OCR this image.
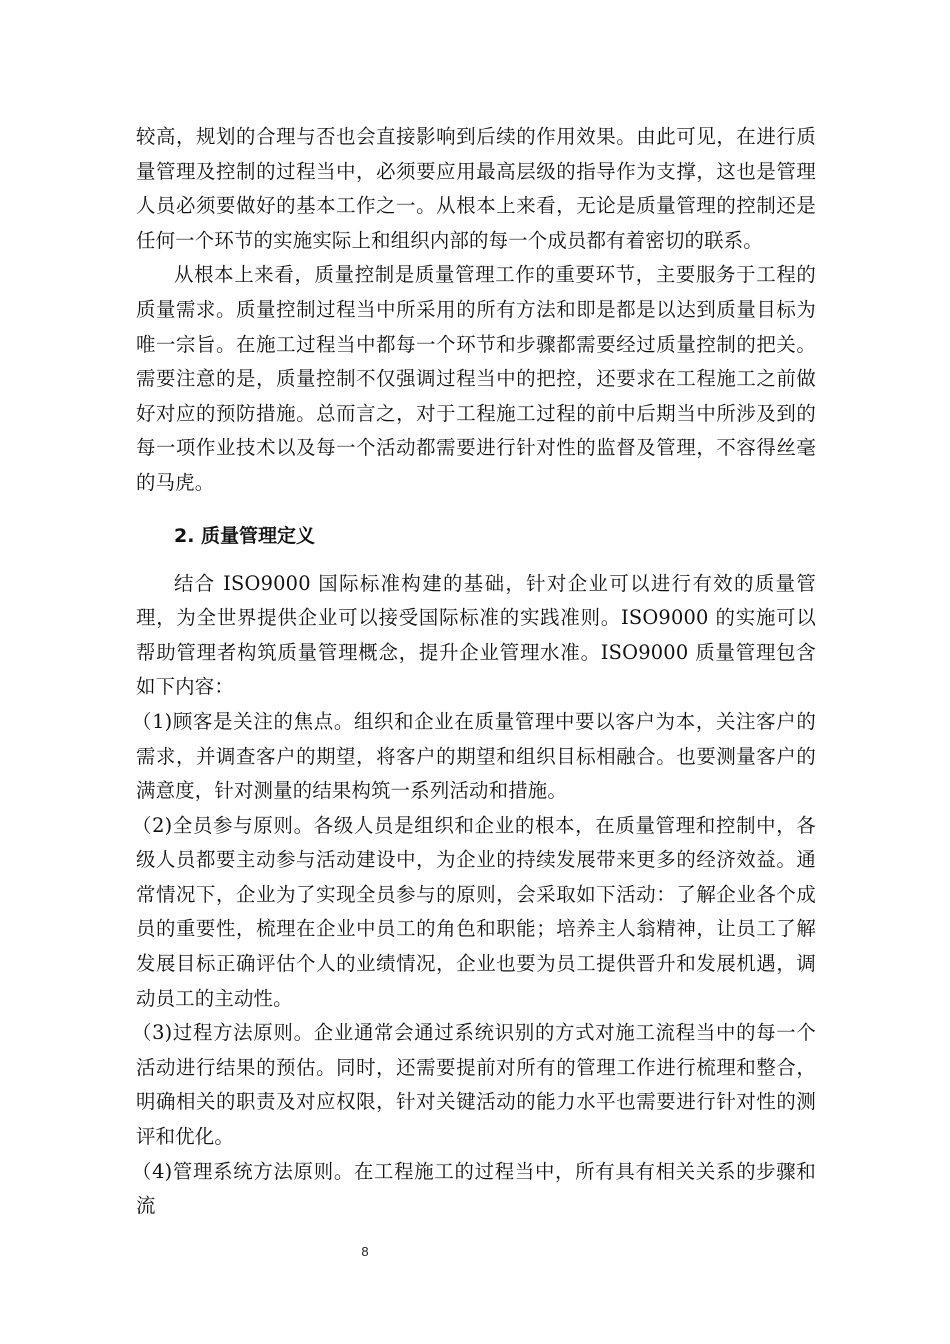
较高，规划的合理与否也会直接影响到后续的作用效果。由此可见，在进行质量管理及控制的过程当中，必须要应用最高层级的指导作为支撑，这也是管理人员必须要做好的基本工作之一。从根本上来看，无论是质量管理的控制还是任何一个环节的实施实际上和组织内部的每一个成员都有着密切的联系。

从根本上来看，质量控制是质量管理工作的重要环节，主要服务于工程的质量需求。质量控制过程当中所采用的所有方法和即是都是以达到质量目标为唯一宗旨。在施工过程当中都每一个环节和步骤都需要经过质量控制的把关。需要注意的是，质量控制不仅强调过程当中的把控，还要求在工程施工之前做好对应的预防措施。总而言之，对于工程施工过程的前中后期当中所涉及到的每一项作业技术以及每一个活动都需要进行针对性的监督及管理，不容得丝毫的马虎。

2. 质量管理定义

结合 ISO9000 国际标准构建的基础，针对企业可以进行有效的质量管理，为全世界提供企业可以接受国际标准的实践准则。ISO9000 的实施可以帮助管理者构筑质量管理概念，提升企业管理水准。ISO9000 质量管理包含如下内容：

（1)顾客是关注的焦点。组织和企业在质量管理中要以客户为本，关注客户的需求，并调查客户的期望，将客户的期望和组织目标相融合。也要测量客户的满意度，针对测量的结果构筑一系列活动和措施。

（2)全员参与原则。各级人员是组织和企业的根本，在质量管理和控制中，各级人员都要主动参与活动建设中，为企业的持续发展带来更多的经济效益。通常情况下，企业为了实现全员参与的原则，会采取如下活动：了解企业各个成员的重要性，梳理在企业中员工的角色和职能；培养主人翁精神，让员工了解发展目标正确评估个人的业绩情况，企业也要为员工提供晋升和发展机遇，调动员工的主动性。

（3)过程方法原则。企业通常会通过系统识别的方式对施工流程当中的每一个活动进行结果的预估。同时，还需要提前对所有的管理工作进行梳理和整合，明确相关的职责及对应权限，针对关键活动的能力水平也需要进行针对性的测评和优化。

（4)管理系统方法原则。在工程施工的过程当中，所有具有相关关系的步骤和流

8
